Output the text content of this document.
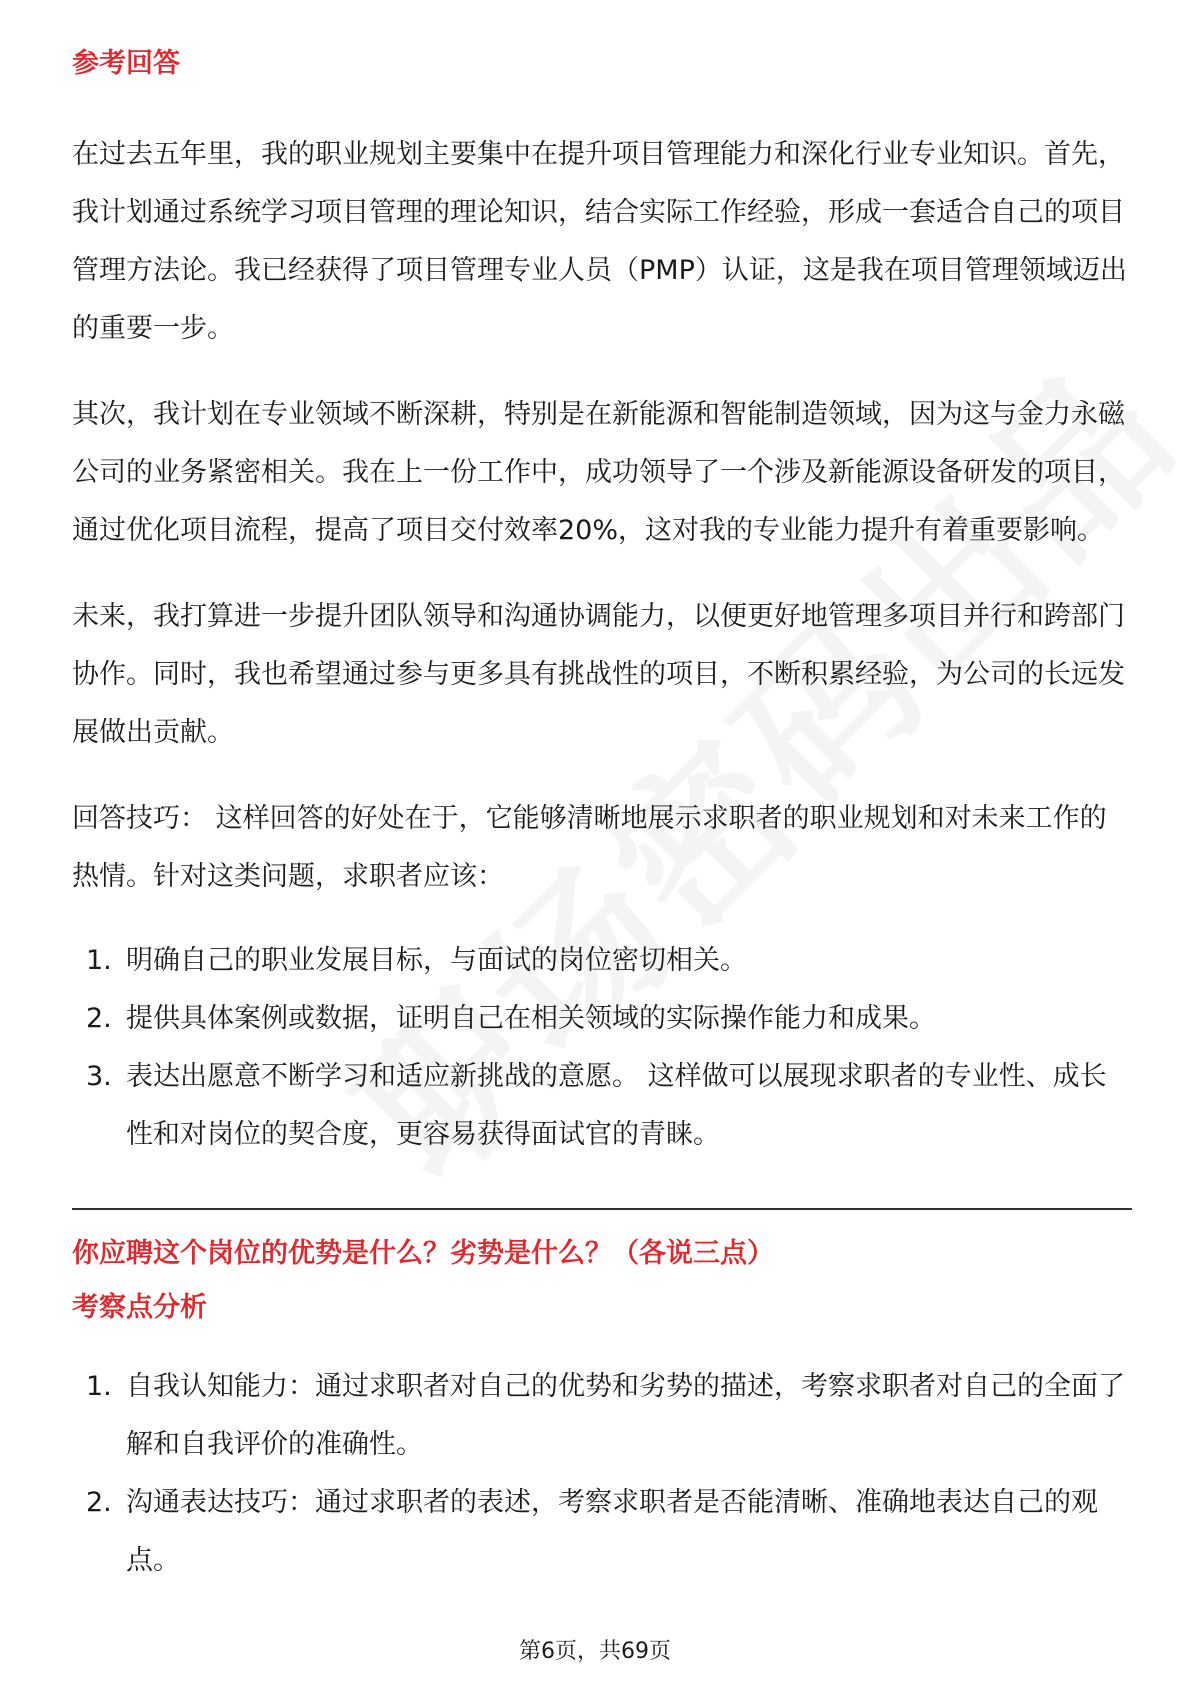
参考回答

在过去五年里，我的职业规划主要集中在提升项目管理能力和深化行业专业知识。首先，我计划通过系统学习项目管理的理论知识，结合实际工作经验，形成一套适合自己的项目管理方法论。我已经获得了项目管理专业人员（PMP）认证，这是我在项目管理领域迈出的重要一步。

其次，我计划在专业领域不断深耕，特别是在新能源和智能制造领域，因为这与金力永磁公司的业务紧密相关。我在上一份工作中，成功领导了一个涉及新能源设备研发的项目，通过优化项目流程，提高了项目交付效率20%，这对我的专业能力提升有着重要影响。

未来，我打算进一步提升团队领导和沟通协调能力，以便更好地管理多项目并行和跨部门协作。同时，我也希望通过参与更多具有挑战性的项目，不断积累经验，为公司的长远发展做出贡献。

回答技巧： 这样回答的好处在于，它能够清晰地展示求职者的职业规划和对未来工作的热情。针对这类问题，求职者应该：

1. 明确自己的职业发展目标，与面试的岗位密切相关。
2. 提供具体案例或数据，证明自己在相关领域的实际操作能力和成果。
3. 表达出愿意不断学习和适应新挑战的意愿。 这样做可以展现求职者的专业性、成长性和对岗位的契合度，更容易获得面试官的青睐。
你应聘这个岗位的优势是什么？劣势是什么？（各说三点）
考察点分析
1. 自我认知能力：通过求职者对自己的优势和劣势的描述，考察求职者对自己的全面了解和自我评价的准确性。
2. 沟通表达技巧：通过求职者的表述，考察求职者是否能清晰、准确地表达自己的观点。
第6页，共69页
